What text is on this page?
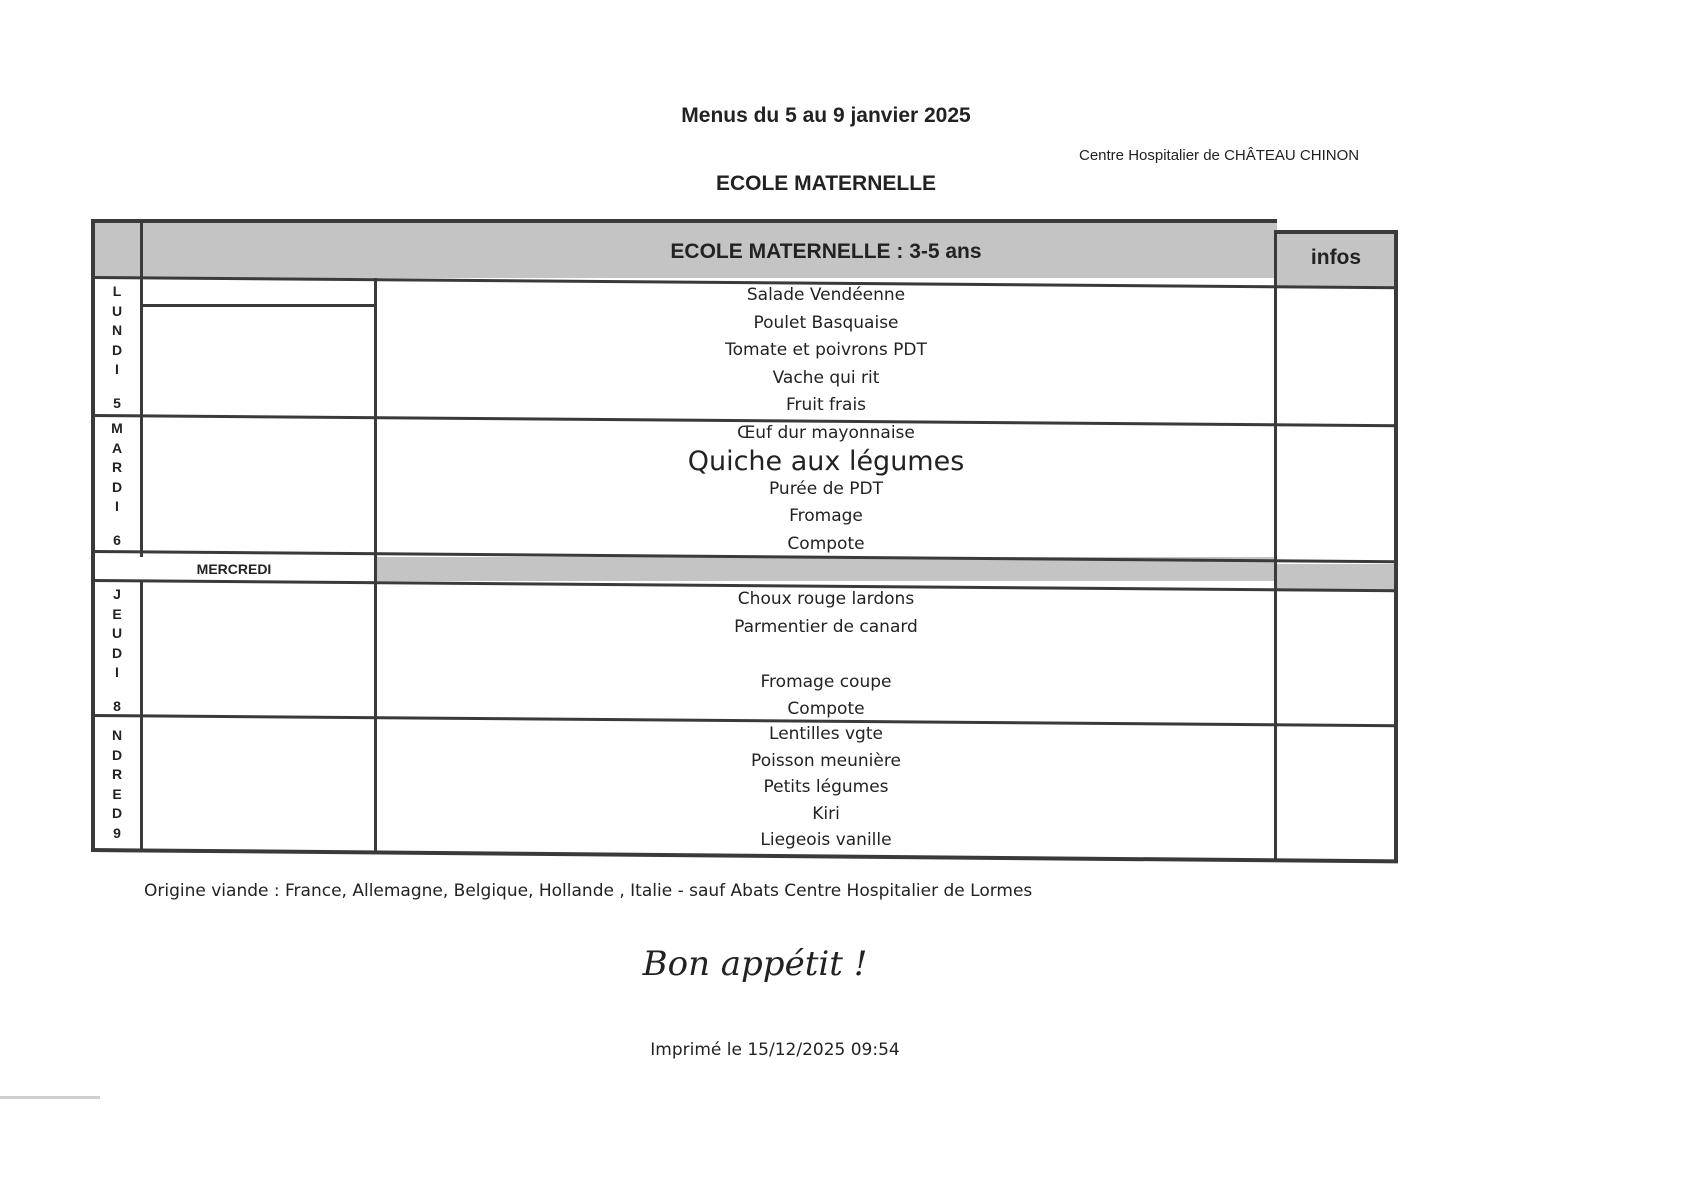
Menus du 5 au 9 janvier 2025
Centre Hospitalier de CHÂTEAU CHINON
ECOLE MATERNELLE
ECOLE MATERNELLE : 3-5 ans	infos
L
U
N
D
I
5
Salade Vendéenne
Poulet Basquaise
Tomate et poivrons PDT
Vache qui rit
Fruit frais
M
A
R
D
I
6
Œuf dur mayonnaise
Quiche aux légumes
Purée de PDT
Fromage
Compote
MERCREDI
J
E
U
D
I
8
Choux rouge lardons
Parmentier de canard
Fromage coupe
Compote
N
D
R
E
D
9
Lentilles vgte
Poisson meunière
Petits légumes
Kiri
Liegeois vanille
Origine viande : France, Allemagne, Belgique, Hollande , Italie - sauf Abats Centre Hospitalier de Lormes
Bon appétit !
Imprimé le 15/12/2025 09:54
